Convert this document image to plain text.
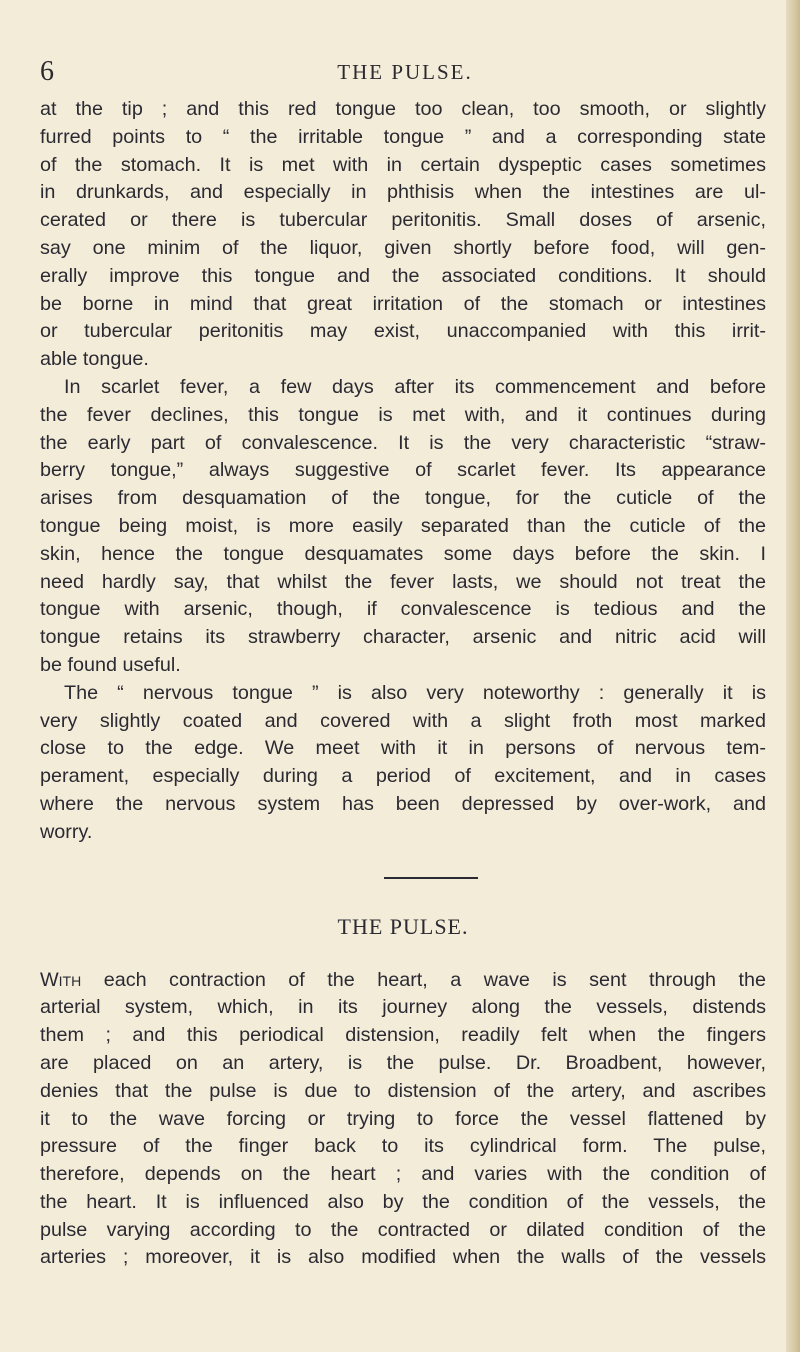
6	THE PULSE.
at the tip ; and this red tongue too clean, too smooth, or slightly
furred points to “ the irritable tongue ” and a corresponding state
of the stomach. It is met with in certain dyspeptic cases sometimes
in drunkards, and especially in phthisis when the intestines are ul-
cerated or there is tubercular peritonitis. Small doses of arsenic,
say one minim of the liquor, given shortly before food, will gen-
erally improve this tongue and the associated conditions. It should
be borne in mind that great irritation of the stomach or intestines
or tubercular peritonitis may exist, unaccompanied with this irrit-
able tongue.
In scarlet fever, a few days after its commencement and before
the fever declines, this tongue is met with, and it continues during
the early part of convalescence. It is the very characteristic “straw-
berry tongue,” always suggestive of scarlet fever. Its appearance
arises from desquamation of the tongue, for the cuticle of the
tongue being moist, is more easily separated than the cuticle of the
skin, hence the tongue desquamates some days before the skin. I
need hardly say, that whilst the fever lasts, we should not treat the
tongue with arsenic, though, if convalescence is tedious and the
tongue retains its strawberry character, arsenic and nitric acid will
be found useful.
The “ nervous tongue ” is also very noteworthy : generally it is
very slightly coated and covered with a slight froth most marked
close to the edge. We meet with it in persons of nervous tem-
perament, especially during a period of excitement, and in cases
where the nervous system has been depressed by over-work, and
worry.
THE PULSE.
With each contraction of the heart, a wave is sent through the
arterial system, which, in its journey along the vessels, distends
them ; and this periodical distension, readily felt when the fingers
are placed on an artery, is the pulse. Dr. Broadbent, however,
denies that the pulse is due to distension of the artery, and ascribes
it to the wave forcing or trying to force the vessel flattened by
pressure of the finger back to its cylindrical form. The pulse,
therefore, depends on the heart ; and varies with the condition of
the heart. It is influenced also by the condition of the vessels, the
pulse varying according to the contracted or dilated condition of the
arteries ; moreover, it is also modified when the walls of the vessels
